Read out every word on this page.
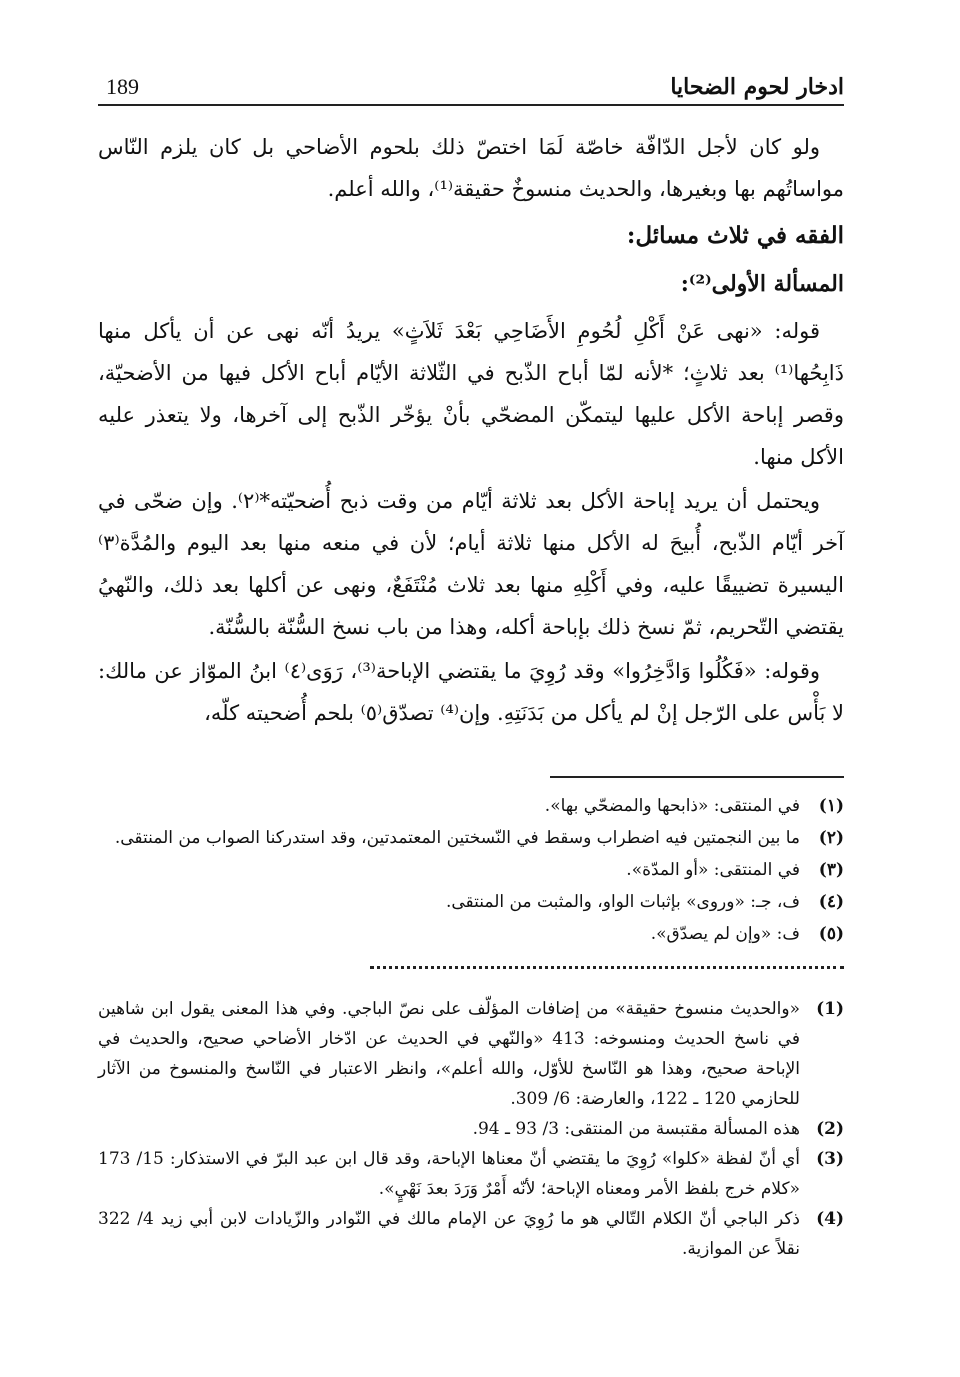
ادخار لحوم الضحايا
189

ولو كان لأجل الدّافّة خاصّة لَمَا اختصّ ذلك بلحوم الأضاحي بل كان يلزم النّاس مواساتُهم بها وبغيرها، والحديث منسوخٌ حقيقة⁽¹⁾، والله أعلم.

الفقه في ثلاث مسائل:
المسألة الأولى⁽²⁾:

قوله: «نهى عَنْ أَكْلِ لُحُومِ الأَضَاحِي بَعْدَ ثَلاَثٍ» يريدُ أنّه نهى عن أن يأكل منها ذَابِحُها⁽¹⁾ بعد ثلاثٍ؛ *لأنه لمّا أباح الذّبح في الثّلاثة الأيّام أباح الأكل فيها من الأضحيّة، وقصر إباحة الأكل عليها ليتمكّن المضحّي بأنْ يؤخّر الذّبح إلى آخرها، ولا يتعذر عليه الأكل منها.

ويحتمل أن يريد إباحة الأكل بعد ثلاثة أيّام من وقت ذبح أُضحيّته*⁽٢⁾. وإن ضحّى في آخر أيّام الذّبح، أُبيحَ له الأكل منها ثلاثة أيام؛ لأن في منعه منها بعد اليوم والمُدَّة⁽٣⁾ اليسيرة تضييقًا عليه، وفي أَكْلِهِ منها بعد ثلاث مُنْتَفَعٌ، ونهى عن أكلها بعد ذلك، والنّهيُ يقتضي التّحريم، ثمّ نسخ ذلك بإباحة أكله، وهذا من باب نسخ السُّنّة بالسُّنّة.

وقوله: «فَكُلُوا وَادَّخِرُوا» وقد رُوِيَ ما يقتضي الإباحة⁽³⁾، رَوَى⁽٤⁾ ابنُ الموّاز عن مالك: لا بَأْس على الرّجل إنْ لم يأكل من بَدَنَتِهِ. وإن⁽⁴⁾ تصدّق⁽٥⁾ بلحم أُضحيته كلّه،

(١)
في المنتقى: «ذابحها والمضحّي بها».
(٢)
ما بين النجمتين فيه اضطراب وسقط في النّسختين المعتمدتين، وقد استدركنا الصواب من المنتقى.
(٣)
في المنتقى: «أو المدّة».
(٤)
ف، جـ: «وروى» بإثبات الواو، والمثبت من المنتقى.
(٥)
ف: «وإن لم يصدّق».
(1)
«والحديث منسوخ حقيقة» من إضافات المؤلّف على نصّ الباجي. وفي هذا المعنى يقول ابن شاهين في ناسخ الحديث ومنسوخه: 413 «والنّهي في الحديث عن ادّخار الأضاحي صحيح، والحديث في الإباحة صحيح، وهذا هو النّاسخ للأوّل، والله أعلم»، وانظر الاعتبار في النّاسخ والمنسوخ من الآثار للحازمي 120 ـ 122، والعارضة: 6/ 309.
(2)
هذه المسألة مقتبسة من المنتقى: 3/ 93 ـ 94.
(3)
أي أنّ لفظة «كلوا» رُوِيَ ما يقتضي أنّ معناها الإباحة، وقد قال ابن عبد البرّ في الاستذكار: 15/ 173 «كلام خرج بلفظ الأمر ومعناه الإباحة؛ لأنّه أَمْرٌ وَرَدَ بعدَ نَهْيٍ».
(4)
ذكر الباجي أنّ الكلام التّالي هو ما رُوِيَ عن الإمام مالك في النّوادر والزّيادات لابن أبي زيد 4/ 322 نقلاً عن الموازية.
